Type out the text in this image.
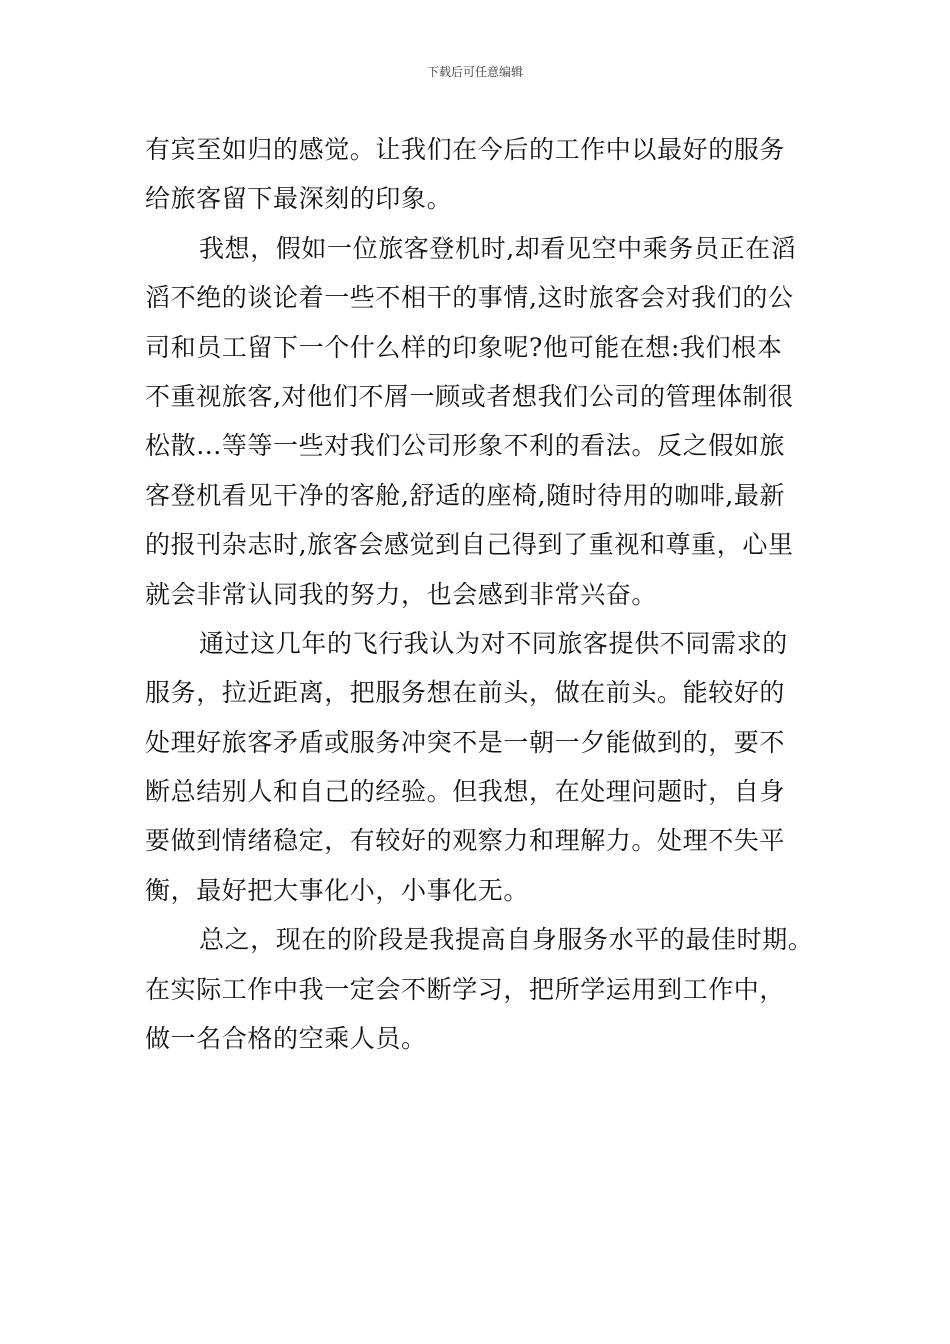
下载后可任意编辑
有宾至如归的感觉。让我们在今后的工作中以最好的服务
给旅客留下最深刻的印象。
我想，假如一位旅客登机时,却看见空中乘务员正在滔
滔不绝的谈论着一些不相干的事情,这时旅客会对我们的公
司和员工留下一个什么样的印象呢?他可能在想:我们根本
不重视旅客,对他们不屑一顾或者想我们公司的管理体制很
松散...等等一些对我们公司形象不利的看法。反之假如旅
客登机看见干净的客舱,舒适的座椅,随时待用的咖啡,最新
的报刊杂志时,旅客会感觉到自己得到了重视和尊重，心里
就会非常认同我的努力，也会感到非常兴奋。
通过这几年的飞行我认为对不同旅客提供不同需求的
服务，拉近距离，把服务想在前头，做在前头。能较好的
处理好旅客矛盾或服务冲突不是一朝一夕能做到的，要不
断总结别人和自己的经验。但我想，在处理问题时，自身
要做到情绪稳定，有较好的观察力和理解力。处理不失平
衡，最好把大事化小，小事化无。
总之，现在的阶段是我提高自身服务水平的最佳时期。
在实际工作中我一定会不断学习，把所学运用到工作中，
做一名合格的空乘人员。
